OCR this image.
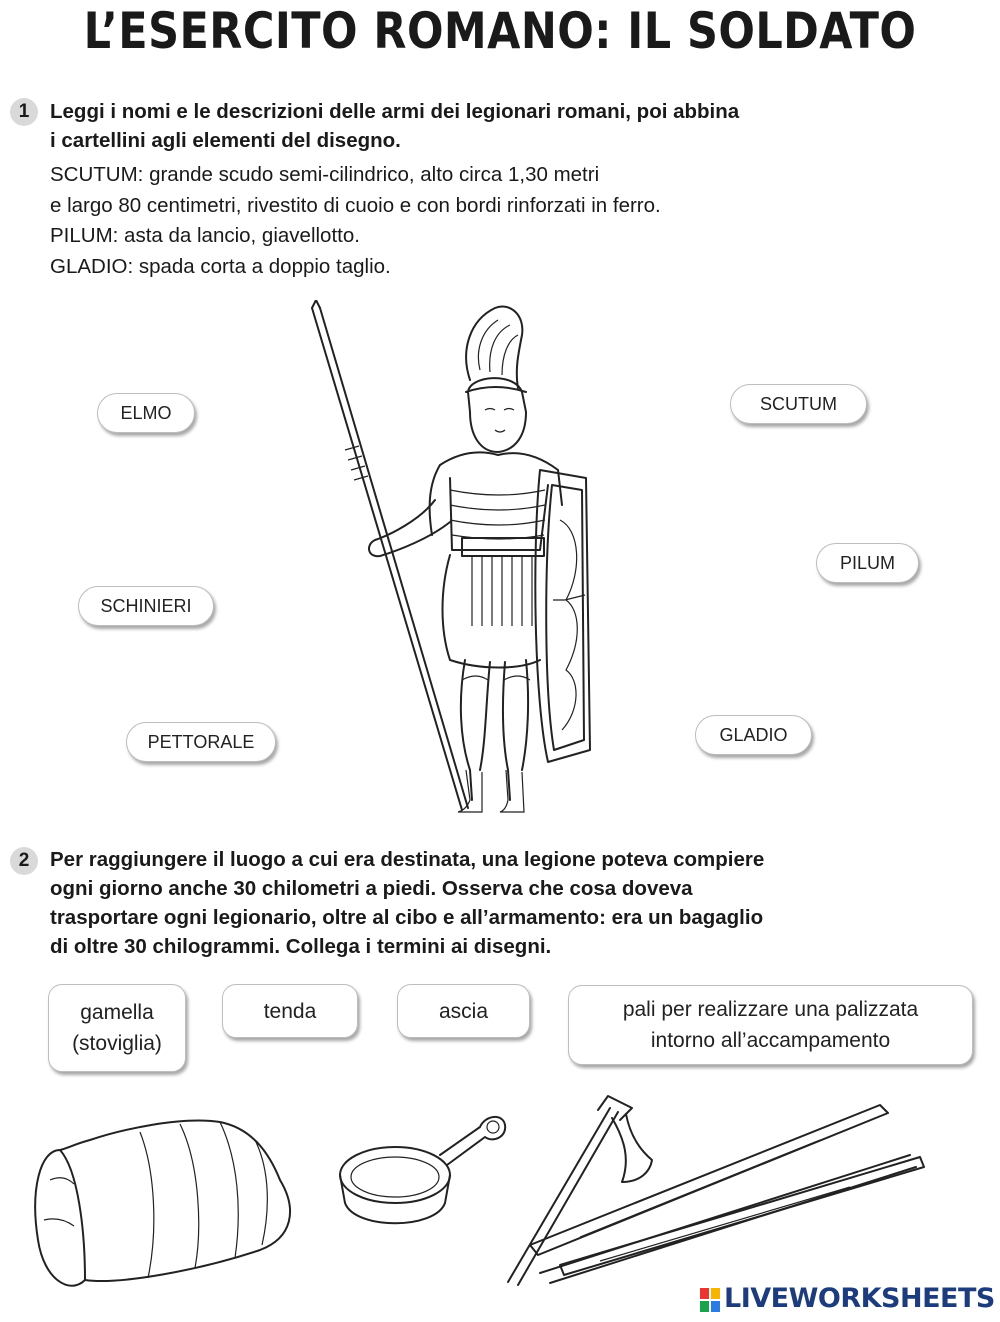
L’ESERCITO ROMANO: IL SOLDATO
1	Leggi i nomi e le descrizioni delle armi dei legionari romani, poi abbina
i cartellini agli elementi del disegno.
SCUTUM: grande scudo semi-cilindrico, alto circa 1,30 metri
e largo 80 centimetri, rivestito di cuoio e con bordi rinforzati in ferro.
PILUM: asta da lancio, giavellotto.
GLADIO: spada corta a doppio taglio.
ELMO
SCHINIERI
PETTORALE
SCUTUM
PILUM
GLADIO
2	Per raggiungere il luogo a cui era destinata, una legione poteva compiere
ogni giorno anche 30 chilometri a piedi. Osserva che cosa doveva
trasportare ogni legionario, oltre al cibo e all’armamento: era un bagaglio
di oltre 30 chilogrammi. Collega i termini ai disegni.
gamella
(stoviglia)
tenda	ascia	pali per realizzare una palizzata
intorno all’accampamento
LIVEWORKSHEETS
